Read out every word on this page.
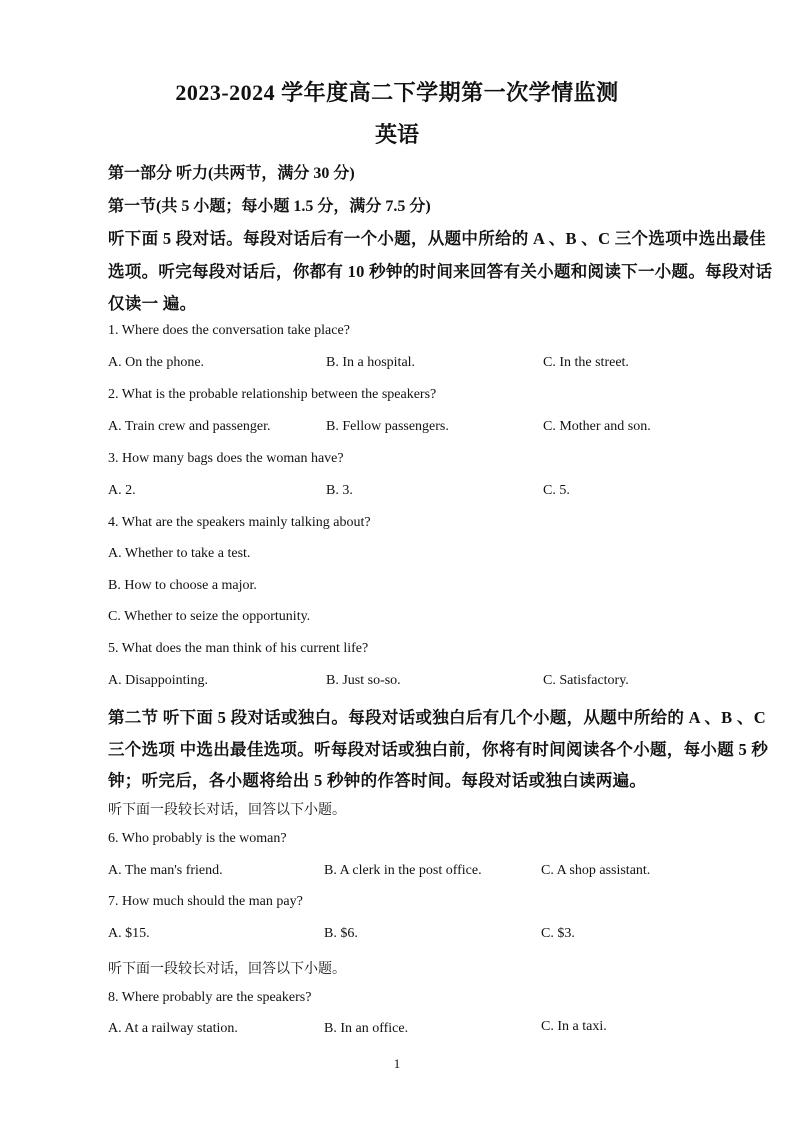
2023-2024 学年度高二下学期第一次学情监测
英语
第一部分 听力(共两节，满分 30 分)
第一节(共 5 小题；每小题 1.5 分，满分 7.5 分)
听下面 5 段对话。每段对话后有一个小题，从题中所给的 A 、B 、C 三个选项中选出最佳
选项。听完每段对话后，你都有 10 秒钟的时间来回答有关小题和阅读下一小题。每段对话
仅读一 遍。
1. Where does the conversation take place?
A. On the phone.	B. In a hospital.	C. In the street.
2. What is the probable relationship between the speakers?
A. Train crew and passenger.	B. Fellow passengers.	C. Mother and son.
3. How many bags does the woman have?
A. 2.	B. 3.	C. 5.
4. What are the speakers mainly talking about?
A. Whether to take a test.
B. How to choose a major.
C. Whether to seize the opportunity.
5. What does the man think of his current life?
A. Disappointing.	B. Just so-so.	C. Satisfactory.
第二节 听下面 5 段对话或独白。每段对话或独白后有几个小题，从题中所给的 A 、B 、C
三个选项 中选出最佳选项。听每段对话或独白前，你将有时间阅读各个小题，每小题 5 秒
钟；听完后，各小题将给出 5 秒钟的作答时间。每段对话或独白读两遍。
听下面一段较长对话，回答以下小题。
6. Who probably is the woman?
A. The man's friend.	B. A clerk in the post office.	C. A shop assistant.
7. How much should the man pay?
A. $15.	B. $6.	C. $3.
听下面一段较长对话，回答以下小题。
8. Where probably are the speakers?
A. At a railway station.	B. In an office.	C. In a taxi.
1
